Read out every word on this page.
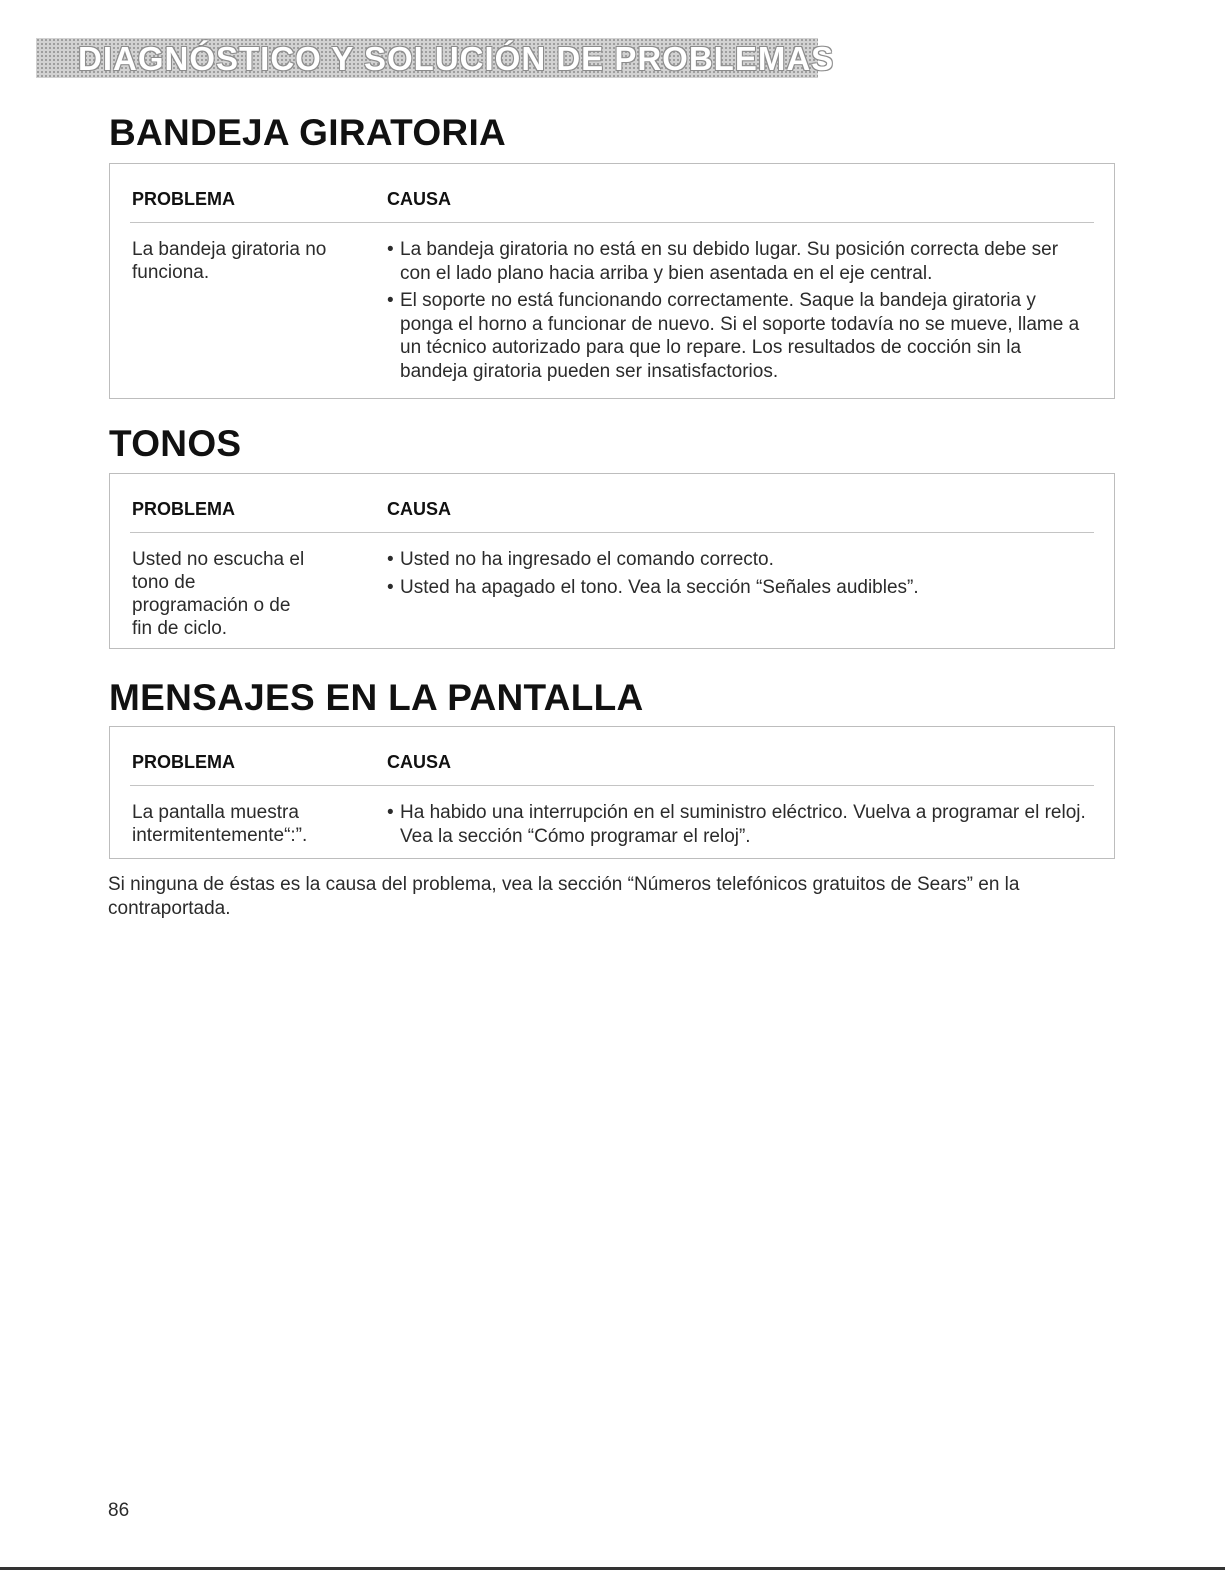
DIAGNÓSTICO Y SOLUCIÓN DE PROBLEMAS
BANDEJA GIRATORIA
PROBLEMA	CAUSA

La bandeja giratoria no funciona.

• La bandeja giratoria no está en su debido lugar. Su posición correcta debe ser con el lado plano hacia arriba y bien asentada en el eje central.
• El soporte no está funcionando correctamente. Saque la bandeja giratoria y ponga el horno a funcionar de nuevo. Si el soporte todavía no se mueve, llame a un técnico autorizado para que lo repare. Los resultados de cocción sin la bandeja giratoria pueden ser insatisfactorios.
TONOS
PROBLEMA	CAUSA

Usted no escucha el tono de programación o de fin de ciclo.

• Usted no ha ingresado el comando correcto.
• Usted ha apagado el tono. Vea la sección “Señales audibles”.
MENSAJES EN LA PANTALLA
PROBLEMA	CAUSA

La pantalla muestra intermitentemente“:”.

• Ha habido una interrupción en el suministro eléctrico. Vuelva a programar el reloj. Vea la sección “Cómo programar el reloj”.

Si ninguna de éstas es la causa del problema, vea la sección “Números telefónicos gratuitos de Sears” en la contraportada.

86
